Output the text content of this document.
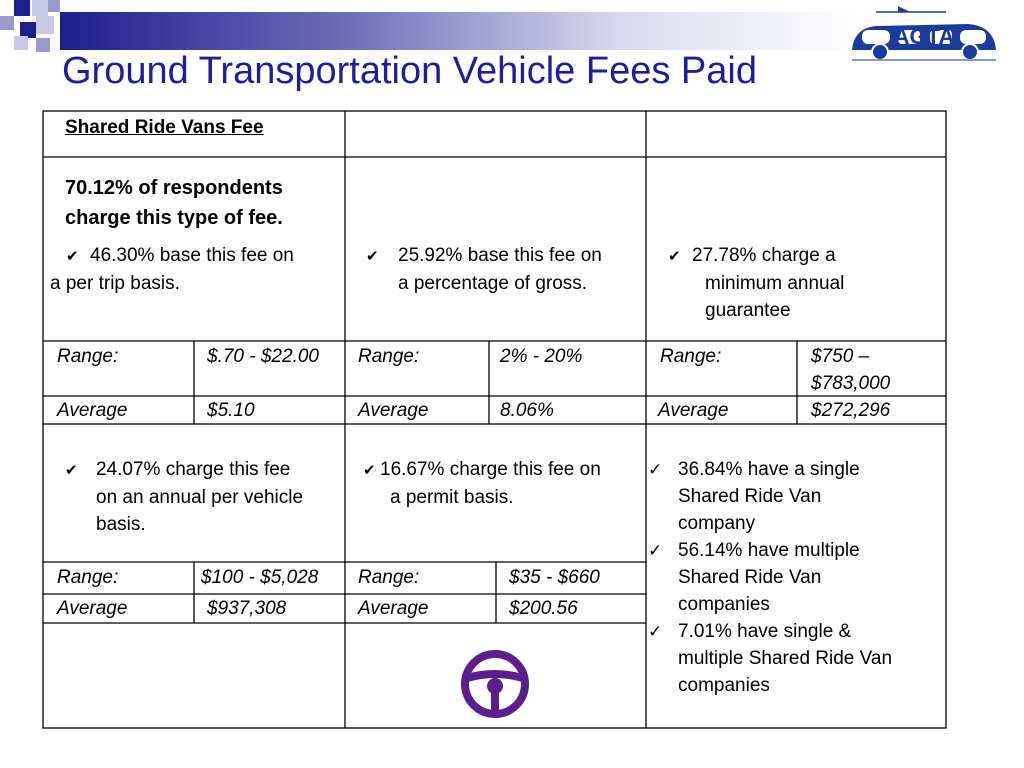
Ground Transportation Vehicle Fees Paid
AGTA
Shared Ride Vans Fee
70.12% of respondents
charge this type of fee.
✔ 46.30% base this fee on
a per trip basis.
✔ 25.92% base this fee on
a percentage of gross.
✔ 27.78% charge a
minimum annual
guarantee
Range:	$.70 - $22.00 Range:	2% - 20%	Range:	$750 –
$783,000
Average	$5.10	Average	8.06%	Average	$272,296
✔ 24.07% charge this fee
on an annual per vehicle
basis.
✔ 16.67% charge this fee on
a permit basis.
Range:	$100 - $5,028 Range:	$35 - $660
Average	$937,308	Average	$200.56
✓ 36.84% have a single
Shared Ride Van
company
✓ 56.14% have multiple
Shared Ride Van
companies
✓ 7.01% have single &
multiple Shared Ride Van
companies
